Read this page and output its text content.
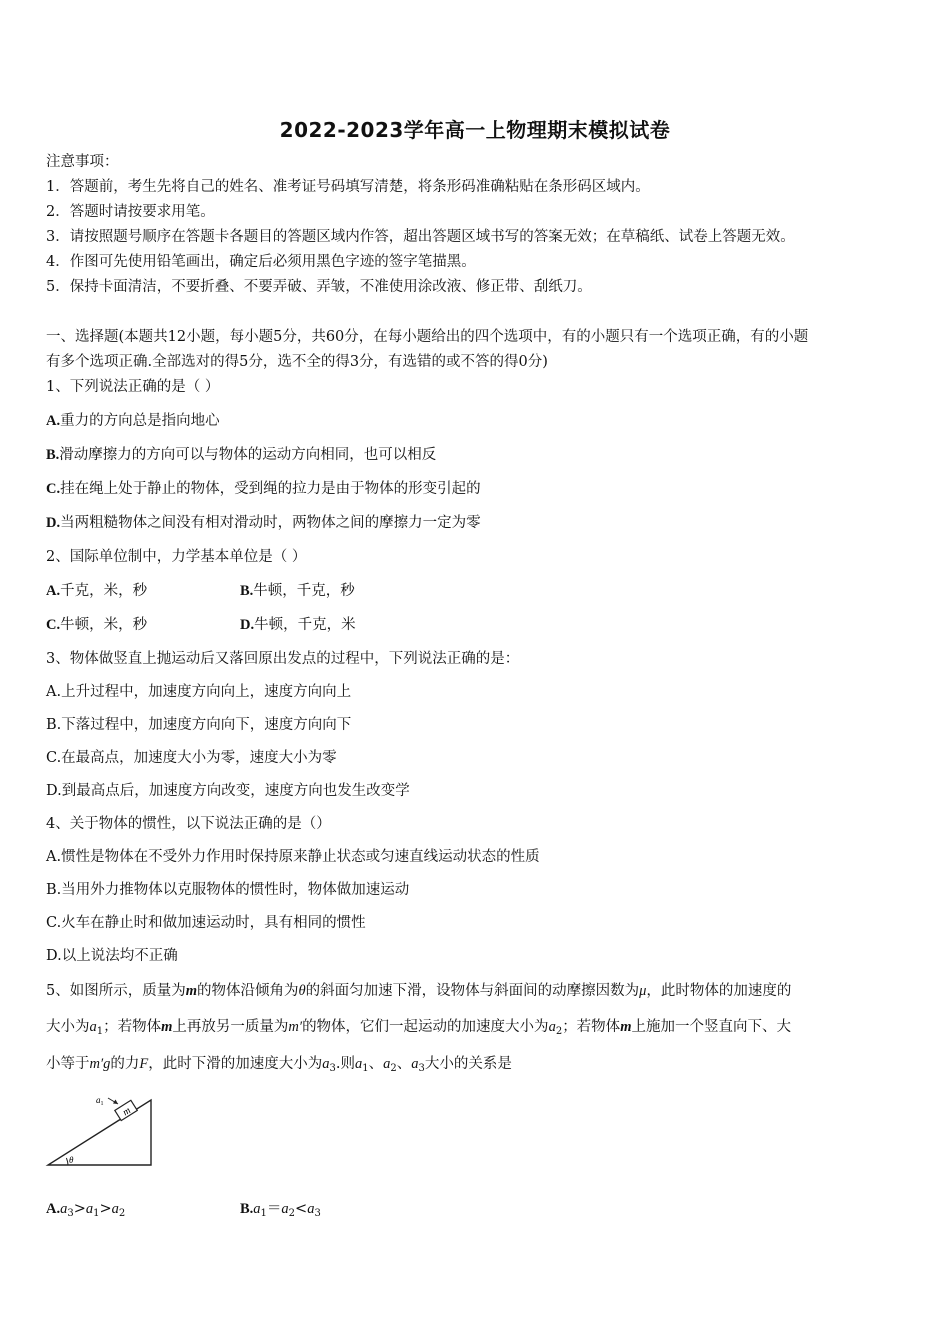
2022-2023学年高一上物理期末模拟试卷
注意事项：
1．答题前，考生先将自己的姓名、准考证号码填写清楚，将条形码准确粘贴在条形码区域内。
2．答题时请按要求用笔。
3．请按照题号顺序在答题卡各题目的答题区域内作答，超出答题区域书写的答案无效；在草稿纸、试卷上答题无效。
4．作图可先使用铅笔画出，确定后必须用黑色字迹的签字笔描黑。
5．保持卡面清洁，不要折叠、不要弄破、弄皱，不准使用涂改液、修正带、刮纸刀。
一、选择题(本题共12小题，每小题5分，共60分，在每小题给出的四个选项中，有的小题只有一个选项正确，有的小题
有多个选项正确.全部选对的得5分，选不全的得3分，有选错的或不答的得0分)
1、下列说法正确的是（ ）
A.重力的方向总是指向地心
B.滑动摩擦力的方向可以与物体的运动方向相同，也可以相反
C.挂在绳上处于静止的物体，受到绳的拉力是由于物体的形变引起的
D.当两粗糙物体之间没有相对滑动时，两物体之间的摩擦力一定为零
2、国际单位制中，力学基本单位是（ ）
A.千克，米，秒	B.牛顿，千克，秒
C.牛顿，米，秒	D.牛顿，千克，米
3、物体做竖直上抛运动后又落回原出发点的过程中，下列说法正确的是：
A.上升过程中，加速度方向向上，速度方向向上
B.下落过程中，加速度方向向下，速度方向向下
C.在最高点，加速度大小为零，速度大小为零
D.到最高点后，加速度方向改变，速度方向也发生改变学
4、关于物体的惯性，以下说法正确的是（）
A.惯性是物体在不受外力作用时保持原来静止状态或匀速直线运动状态的性质
B.当用外力推物体以克服物体的惯性时，物体做加速运动
C.火车在静止时和做加速运动时，具有相同的惯性
D.以上说法均不正确
5、如图所示，质量为m的物体沿倾角为θ的斜面匀加速下滑，设物体与斜面间的动摩擦因数为μ，此时物体的加速度的
大小为$a_1$；若物体m上再放另一质量为m′的物体，它们一起运动的加速度大小为$a_2$；若物体m上施加一个竖直向下、大
小等于m′g的力F，此时下滑的加速度大小为$a_3$.则$a_1$、$a_2$、$a_3$大小的关系是
m
$a_1$
θ
$A.a_3>a_1>a_2$	$B.a_1=a_2<a_3$
